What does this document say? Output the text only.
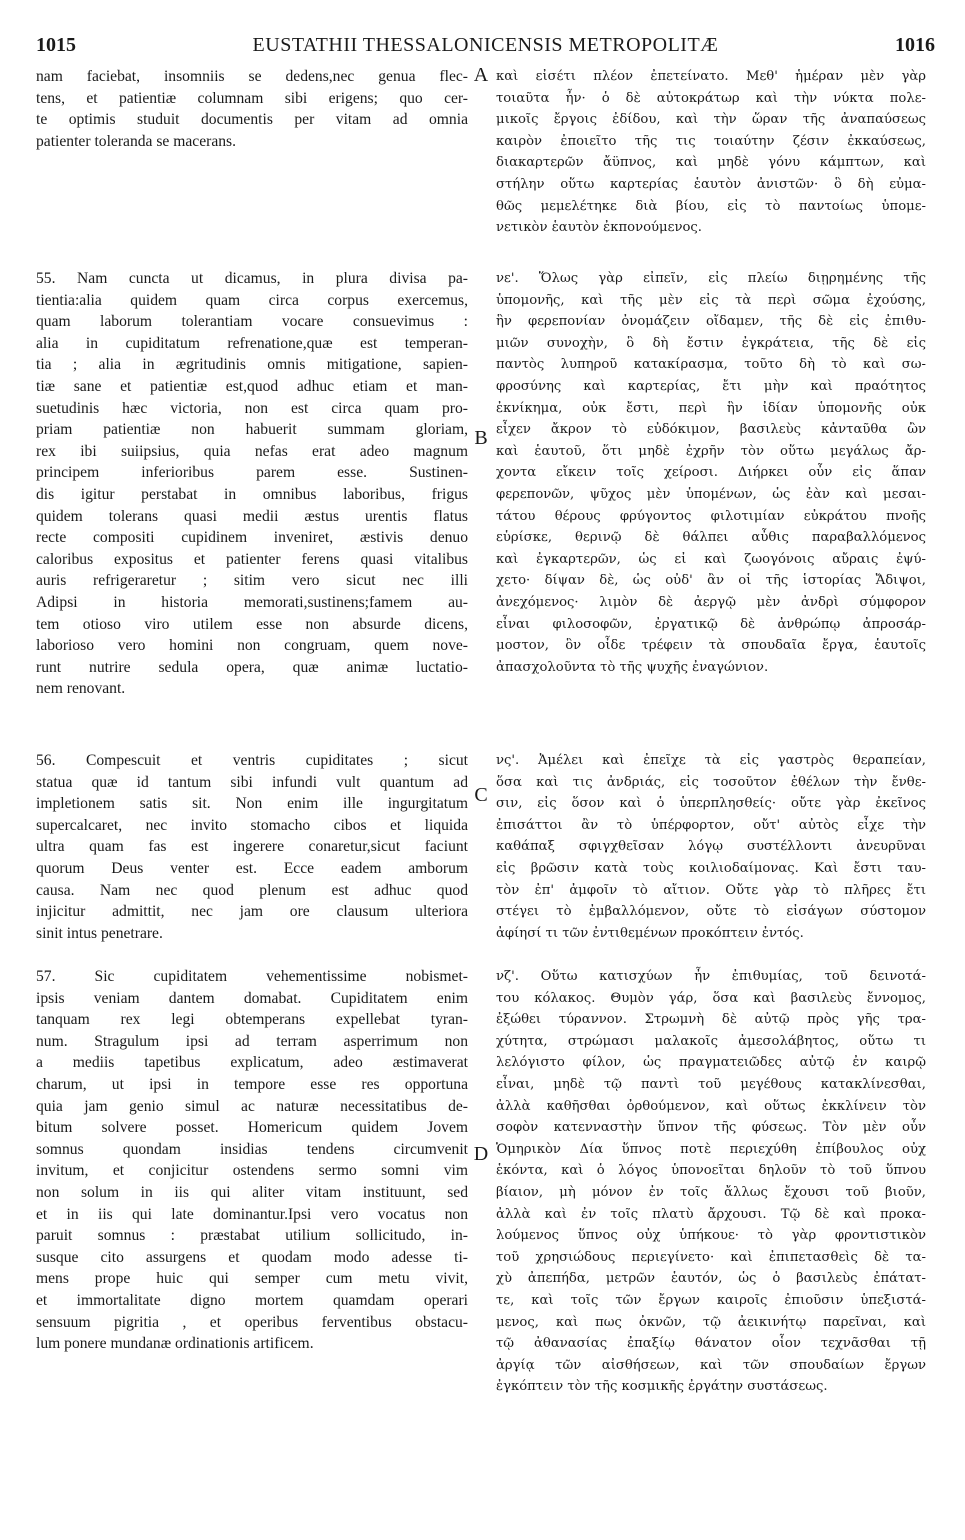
1015	EUSTATHII THESSALONICENSIS METROPOLITÆ	1016

nam faciebat, insomniis se dedens,nec genua flec-
tens, et patientiæ columnam sibi erigens; quo cer-
te optimis studuit documentis per vitam ad omnia
patienter toleranda se macerans.

55. Nam cuncta ut dicamus, in plura divisa pa-
tientia:alia quidem quam circa corpus exercemus,
quam laborum tolerantiam vocare consuevimus :
alia in cupiditatum refrenatione,quæ est temperan-
tia ; alia in ægritudinis omnis mitigatione, sapien-
tiæ sane et patientiæ est,quod adhuc etiam et man-
suetudinis hæc victoria, non est circa quam pro-
priam patientiæ non habuerit summam gloriam,
rex ibi suiipsius, quia nefas erat adeo magnum
principem inferioribus parem esse. Sustinen-
dis igitur perstabat in omnibus laboribus, frigus
quidem tolerans quasi medii æstus urentis flatus
recte compositi cupidinem inveniret, æstivis denuo
caloribus expositus et patienter ferens quasi vitalibus
auris refrigeraretur ; sitim vero sicut nec illi
Adipsi in historia memorati,sustinens;famem au-
tem otioso viro utilem esse non absurde dicens,
laborioso vero homini non congruam, quem nove-
runt nutrire sedula opera, quæ animæ luctatio-
nem renovant.

56. Compescuit et ventris cupiditates ; sicut
statua quæ id tantum sibi infundi vult quantum ad
impletionem satis sit. Non enim ille ingurgitatum
supercalcaret, nec invito stomacho cibos et liquida
ultra quam fas est ingerere conaretur,sicut faciunt
quorum Deus venter est. Ecce eadem amborum
causa. Nam nec quod plenum est adhuc quod
injicitur admittit, nec jam ore clausum ulteriora
sinit intus penetrare.

57. Sic cupiditatem vehementissime nobismet-
ipsis veniam dantem domabat. Cupiditatem enim
tanquam rex legi obtemperans expellebat tyran-
num. Stragulum ipsi ad terram asperrimum non
a mediis tapetibus explicatum, adeo æstimaverat
charum, ut ipsi in tempore esse res opportuna
quia jam genio simul ac naturæ necessitatibus de-
bitum solvere posset. Homericum quidem Jovem
somnus quondam insidias tendens circumvenit
invitum, et conjicitur ostendens sermo somni vim
non solum in iis qui aliter vitam instituunt, sed
et in iis qui late dominantur.Ipsi vero vocatus non
paruit somnus : præstabat utilium sollicitudo, in-
susque cito assurgens et quodam modo adesse ti-
mens prope huic qui semper cum metu vivit,
et immortalitate digno mortem quamdam operari
sensuum pigritia , et operibus ferventibus obstacu-
lum ponere mundanæ ordinationis artificem.

A
B
C
D

καὶ εἰσέτι πλέον ἐπετείνατο. Μεθ' ἡμέραν μὲν γὰρ
τοιαῦτα ἦν· ὁ δὲ αὐτοκράτωρ καὶ τὴν νύκτα πολε-
μικοῖς ἔργοις ἐδίδου, καὶ τὴν ὥραν τῆς ἀναπαύσεως
καιρὸν ἐποιεῖτο τῆς τις τοιαύτην ζέσιν ἐκκαύσεως,
διακαρτερῶν ἄϋπνος, καὶ μηδὲ γόνυ κάμπτων, καὶ
στήλην οὕτω καρτερίας ἑαυτὸν ἀνιστῶν· ὃ δὴ εὐμα-
θῶς μεμελέτηκε διὰ βίου, εἰς τὸ παντοίως ὑπομε-
νετικὸν ἑαυτὸν ἐκπονούμενος.

νε'. Ὅλως γὰρ εἰπεῖν, εἰς πλείω διῃρημένης τῆς
ὑπομονῆς, καὶ τῆς μὲν εἰς τὰ περὶ σῶμα ἐχούσης,
ἣν φερεπονίαν ὀνομάζειν οἴδαμεν, τῆς δὲ εἰς ἐπιθυ-
μιῶν συνοχὴν, ὃ δὴ ἔστιν ἐγκράτεια, τῆς δὲ εἰς
παντὸς λυπηροῦ κατακίρασμα, τοῦτο δὴ τὸ καὶ σω-
φροσύνης καὶ καρτερίας, ἔτι μὴν καὶ πραότητος
ἐκνίκημα, οὐκ ἔστι, περὶ ἣν ἰδίαν ὑπομονῆς οὐκ
εἶχεν ἄκρον τὸ εὐδόκιμον, βασιλεὺς κἀνταῦθα ὢν
καὶ ἑαυτοῦ, ὅτι μηδὲ ἐχρῆν τὸν οὕτω μεγάλως ἄρ-
χοντα εἴκειν τοῖς χείροσι. Διήρκει οὖν εἰς ἅπαν
φερεπονῶν, ψῦχος μὲν ὑπομένων, ὡς ἐὰν καὶ μεσαι-
τάτου θέρους φρύγοντος φιλοτιμίαν εὐκράτου πνοῆς
εὑρίσκε, θερινῷ δὲ θάλπει αὖθις παραβαλλόμενος
καὶ ἐγκαρτερῶν, ὡς εἰ καὶ ζωογόνοις αὔραις ἐψύ-
χετο· δίψαν δὲ, ὡς οὐδ' ἂν οἱ τῆς ἱστορίας Ἄδιψοι,
ἀνεχόμενος· λιμὸν δὲ ἀεργῷ μὲν ἀνδρὶ σύμφορον
εἶναι φιλοσοφῶν, ἐργατικῷ δὲ ἀνθρώπῳ ἀπροσάρ-
μοστον, ὃν οἶδε τρέφειν τὰ σπουδαῖα ἔργα, ἑαυτοῖς
ἀπασχολοῦντα τὸ τῆς ψυχῆς ἐναγώνιον.

νς'. Ἀμέλει καὶ ἐπεῖχε τὰ εἰς γαστρὸς θεραπείαν,
ὅσα καὶ τις ἀνδριάς, εἰς τοσοῦτον ἐθέλων τὴν ἔνθε-
σιν, εἰς ὅσον καὶ ὁ ὑπερπλησθείς· οὔτε γὰρ ἐκεῖνος
ἐπισάττοι ἂν τὸ ὑπέρφορτον, οὔτ' αὐτὸς εἶχε τὴν
καθάπαξ σφιγχθεῖσαν λόγῳ συστέλλοντι ἀνευρῦναι
εἰς βρῶσιν κατὰ τοὺς κοιλιοδαίμονας. Καὶ ἔστι ταυ-
τὸν ἐπ' ἀμφοῖν τὸ αἴτιον. Οὔτε γὰρ τὸ πλῆρες ἔτι
στέγει τὸ ἐμβαλλόμενον, οὔτε τὸ εἰσάγων σύστομον
ἀφίησί τι τῶν ἐντιθεμένων προκόπτειν ἐντός.

νζ'. Οὕτω κατισχύων ἦν ἐπιθυμίας, τοῦ δεινοτά-
του κόλακος. Θυμὸν γάρ, ὅσα καὶ βασιλεὺς ἔννομος,
ἐξώθει τύραννον. Στρωμνὴ δὲ αὐτῷ πρὸς γῆς τρα-
χύτητα, στρώμασι μαλακοῖς ἀμεσολάβητος, οὕτω τι
λελόγιστο φίλον, ὡς πραγματειῶδες αὐτῷ ἐν καιρῷ
εἶναι, μηδὲ τῷ παντὶ τοῦ μεγέθους κατακλίνεσθαι,
ἀλλὰ καθῆσθαι ὀρθούμενον, καὶ οὕτως ἐκκλίνειν τὸν
σοφὸν κατενναστὴν ὕπνον τῆς φύσεως. Τὸν μὲν οὖν
Ὁμηρικὸν Δία ὕπνος ποτὲ περιεχύθη ἐπίβουλος οὐχ
ἑκόντα, καὶ ὁ λόγος ὑπονοεῖται δηλοῦν τὸ τοῦ ὕπνου
βίαιον, μὴ μόνον ἐν τοῖς ἄλλως ἔχουσι τοῦ βιοῦν,
ἀλλὰ καὶ ἐν τοῖς πλατὺ ἄρχουσι. Τῷ δὲ καὶ προκα-
λούμενος ὕπνος οὐχ ὑπήκουε· τὸ γὰρ φροντιστικὸν
τοῦ χρησιώδους περιεγίνετο· καὶ ἐπιπετασθεὶς δὲ τα-
χὺ ἀπεπήδα, μετρῶν ἑαυτόν, ὡς ὁ βασιλεὺς ἐπάτατ-
τε, καὶ τοῖς τῶν ἔργων καιροῖς ἐπιοῦσιν ὑπεξιστά-
μενος, καὶ πως ὀκνῶν, τῷ ἀεικινήτῳ παρεῖναι, καὶ
τῷ ἀθανασίας ἐπαξίῳ θάνατον οἷον τεχνᾶσθαι τῇ
ἀργίᾳ τῶν αἰσθήσεων, καὶ τῶν σπουδαίων ἔργων
ἐγκόπτειν τὸν τῆς κοσμικῆς ἐργάτην συστάσεως.
